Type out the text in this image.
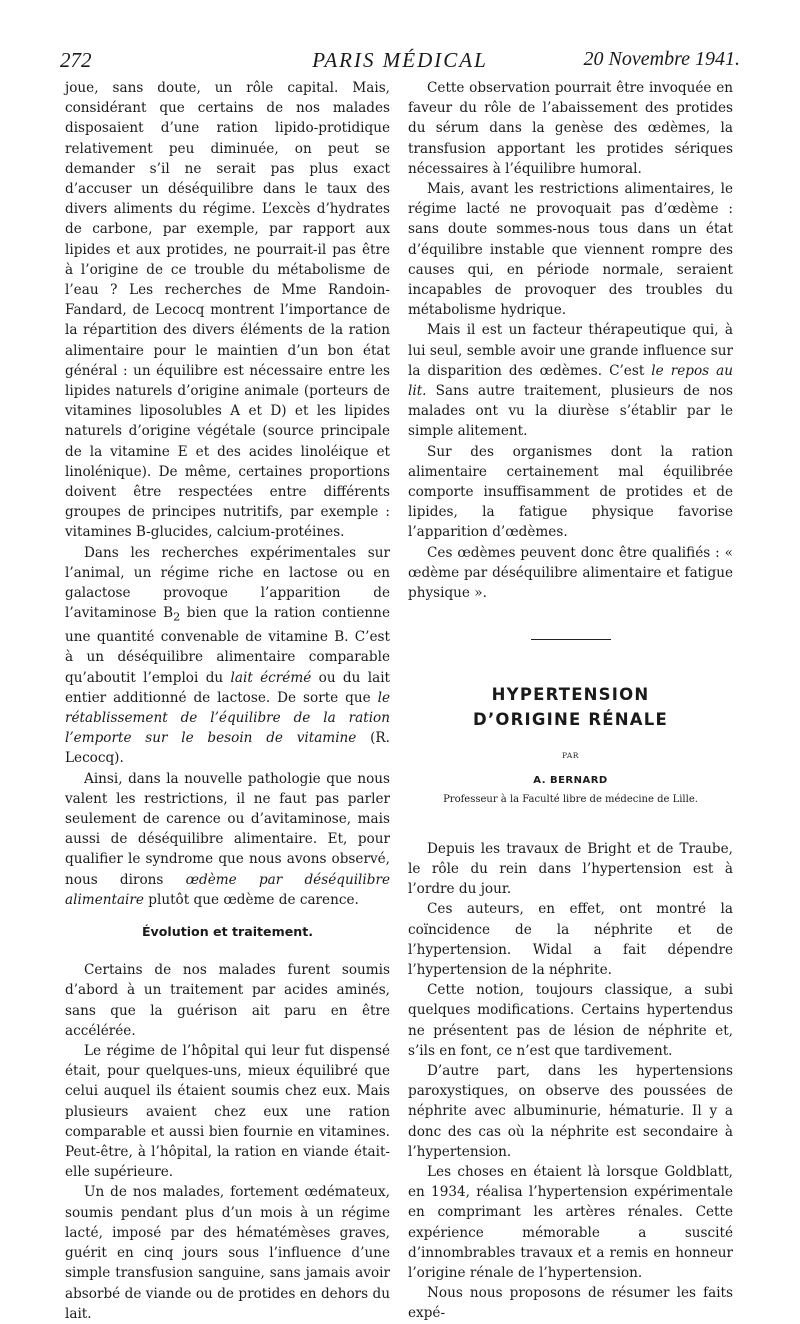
272	PARIS MÉDICAL	20 Novembre 1941.

joue, sans doute, un rôle capital. Mais, considérant que certains de nos malades disposaient d’une ration lipido-protidique relativement peu diminuée, on peut se demander s’il ne serait pas plus exact d’accuser un déséquilibre dans le taux des divers aliments du régime. L’excès d’hydrates de carbone, par exemple, par rapport aux lipides et aux protides, ne pourrait-il pas être à l’origine de ce trouble du métabolisme de l’eau ? Les recherches de Mme Randoin-Fandard, de Lecocq montrent l’importance de la répartition des divers éléments de la ration alimentaire pour le maintien d’un bon état général : un équilibre est nécessaire entre les lipides naturels d’origine animale (porteurs de vitamines liposolubles A et D) et les lipides naturels d’origine végétale (source principale de la vitamine E et des acides linoléique et linolénique). De même, certaines proportions doivent être respectées entre différents groupes de principes nutritifs, par exemple : vitamines B-glucides, calcium-protéines.

Dans les recherches expérimentales sur l’animal, un régime riche en lactose ou en galactose provoque l’apparition de l’avitaminose $B_2$ bien que la ration contienne une quantité convenable de vitamine B. C’est à un déséquilibre alimentaire comparable qu’aboutit l’emploi du lait écrémé ou du lait entier additionné de lactose. De sorte que le rétablissement de l’équilibre de la ration l’emporte sur le besoin de vitamine (R. Lecocq).

Ainsi, dans la nouvelle pathologie que nous valent les restrictions, il ne faut pas parler seulement de carence ou d’avitaminose, mais aussi de déséquilibre alimentaire. Et, pour qualifier le syndrome que nous avons observé, nous dirons œdème par déséquilibre alimentaire plutôt que œdème de carence.

Évolution et traitement.

Certains de nos malades furent soumis d’abord à un traitement par acides aminés, sans que la guérison ait paru en être accélérée.

Le régime de l’hôpital qui leur fut dispensé était, pour quelques-uns, mieux équilibré que celui auquel ils étaient soumis chez eux. Mais plusieurs avaient chez eux une ration comparable et aussi bien fournie en vitamines. Peut-être, à l’hôpital, la ration en viande était-elle supérieure.

Un de nos malades, fortement œdémateux, soumis pendant plus d’un mois à un régime lacté, imposé par des hématémèses graves, guérit en cinq jours sous l’influence d’une simple transfusion sanguine, sans jamais avoir absorbé de viande ou de protides en dehors du lait.

Cette observation pourrait être invoquée en faveur du rôle de l’abaissement des protides du sérum dans la genèse des œdèmes, la transfusion apportant les protides sériques nécessaires à l’équilibre humoral.

Mais, avant les restrictions alimentaires, le régime lacté ne provoquait pas d’œdème : sans doute sommes-nous tous dans un état d’équilibre instable que viennent rompre des causes qui, en période normale, seraient incapables de provoquer des troubles du métabolisme hydrique.

Mais il est un facteur thérapeutique qui, à lui seul, semble avoir une grande influence sur la disparition des œdèmes. C’est le repos au lit. Sans autre traitement, plusieurs de nos malades ont vu la diurèse s’établir par le simple alitement.

Sur des organismes dont la ration alimentaire certainement mal équilibrée comporte insuffisamment de protides et de lipides, la fatigue physique favorise l’apparition d’œdèmes.

Ces œdèmes peuvent donc être qualifiés : « œdème par déséquilibre alimentaire et fatigue physique ».

HYPERTENSION
D’ORIGINE RÉNALE
PAR
A. BERNARD
Professeur à la Faculté libre de médecine de Lille.

Depuis les travaux de Bright et de Traube, le rôle du rein dans l’hypertension est à l’ordre du jour.

Ces auteurs, en effet, ont montré la coïncidence de la néphrite et de l’hypertension. Widal a fait dépendre l’hypertension de la néphrite.

Cette notion, toujours classique, a subi quelques modifications. Certains hypertendus ne présentent pas de lésion de néphrite et, s’ils en font, ce n’est que tardivement.

D’autre part, dans les hypertensions paroxystiques, on observe des poussées de néphrite avec albuminurie, hématurie. Il y a donc des cas où la néphrite est secondaire à l’hypertension.

Les choses en étaient là lorsque Goldblatt, en 1934, réalisa l’hypertension expérimentale en comprimant les artères rénales. Cette expérience mémorable a suscité d’innombrables travaux et a remis en honneur l’origine rénale de l’hypertension.

Nous nous proposons de résumer les faits expé-
